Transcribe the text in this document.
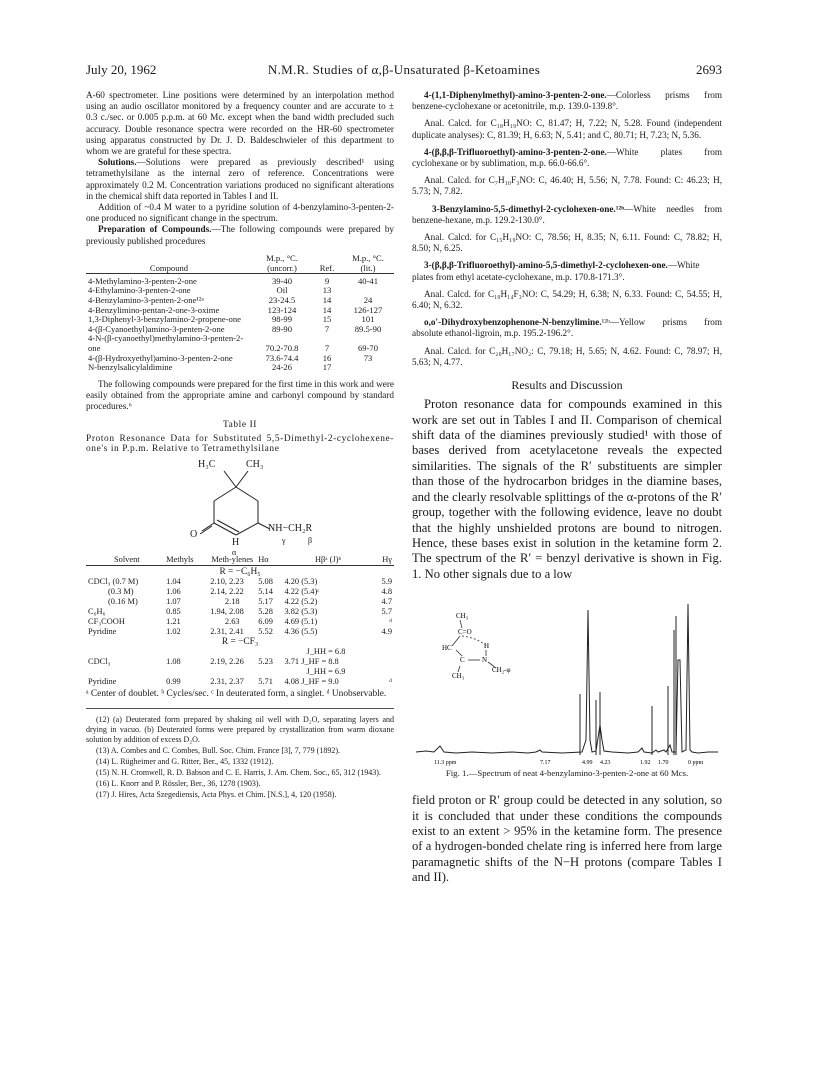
July 20, 1962	N.M.R. Studies of α,β-Unsaturated β-Ketoamines	2693

A-60 spectrometer. Line positions were determined by an interpolation method using an audio oscillator monitored by a frequency counter and are accurate to ± 0.3 c./sec. or 0.005 p.p.m. at 60 Mc. except when the band width precluded such accuracy. Double resonance spectra were recorded on the HR-60 spectrometer using apparatus constructed by Dr. J. D. Baldeschwieler of this department to whom we are grateful for these spectra.

Solutions.—Solutions were prepared as previously described¹ using tetramethylsilane as the internal zero of reference. Concentrations were approximately 0.2 M. Concentration variations produced no significant alterations in the chemical shift data reported in Tables I and II.

Addition of ~0.4 M water to a pyridine solution of 4-benzylamino-3-penten-2-one produced no significant change in the spectrum.

Preparation of Compounds.—The following compounds were prepared by previously published procedures

Compound	M.p., °C. (uncorr.)	Ref.	M.p., °C. (lit.)

4-Methylamino-3-penten-2-one	39-40	9	40-41
4-Ethylamino-3-penten-2-one	Oil	13	
4-Benzylamino-3-penten-2-one¹²ᵃ	23-24.5	14	24
4-Benzylimino-pentan-2-one-3-oxime	123-124	14	126-127
1,3-Diphenyl-3-benzylamino-2-propene-one	98-99	15	101
4-(β-Cyanoethyl)amino-3-penten-2-one	89-90	7	89.5-90
4-N-(β-cyanoethyl)methylamino-3-penten-2-one	70.2-70.8	7	69-70
4-(β-Hydroxyethyl)amino-3-penten-2-one	73.6-74.4	16	73
N-benzylsalicylaldimine	24-26	17	

The following compounds were prepared for the first time in this work and were easily obtained from the appropriate amine and carbonyl compound by standard procedures.⁶

Table II
Proton Resonance Data for Substituted 5,5-Dimethyl-2-cyclohexene-one's in P.p.m. Relative to Tetramethylsilane
H₃C	CH₃
O
H
NH−CH₂R
α
γ	β
Solvent	Methyls	Meth-ylenes	Hα	Hβᵃ (J)ᵇ	Hγ

R = −C₆H₅					
CDCl₃ (0.7 M)	1.04	2.10, 2.23	5.08	4.20 (5.3)	5.9
(0.3 M)	1.06	2.14, 2.22	5.14	4.22 (5.4)ᶜ	4.8
(0.16 M)	1.07	2.18	5.17	4.22 (5.2)	4.7
C₆H₆	0.85	1.94, 2.08	5.28	3.82 (5.3)	5.7
CF₃COOH	1.21	2.63	6.09	4.69 (5.1)	ᵈ
Pyridine	1.02	2.31, 2.41	5.52	4.36 (5.5)	4.9
R = −CF₃					
				J_HH = 6.8	
CDCl₃	1.08	2.19, 2.26	5.23	3.71 J_HF = 8.8	
				J_HH = 6.9	
Pyridine	0.99	2.31, 2.37	5.71	4.08 J_HF = 9.0	ᵈ

ᵃ Center of doublet. ᵇ Cycles/sec. ᶜ In deuterated form, a singlet. ᵈ Unobservable.

(12) (a) Deuterated form prepared by shaking oil well with D₂O, separating layers and drying in vacuo. (b) Deuterated forms were prepared by crystallization from warm dioxane solution by addition of excess D₂O.

(13) A. Combes and C. Combes, Bull. Soc. Chim. France [3], 7, 779 (1892).

(14) L. Rügheimer and G. Ritter, Ber., 45, 1332 (1912).

(15) N. H. Cromwell, R. D. Babson and C. E. Harris, J. Am. Chem. Soc., 65, 312 (1943).

(16) L. Knorr and P. Rössler, Ber., 36, 1278 (1903).

(17) J. Hires, Acta Szegediensis, Acta Phys. et Chim. [N.S.], 4, 120 (1958).

4-(1,1-Diphenylmethyl)-amino-3-penten-2-one.—Colorless prisms from benzene-cyclohexane or acetonitrile, m.p. 139.0-139.8°.

Anal. Calcd. for C₁₈H₁₉NO: C, 81.47; H, 7.22; N, 5.28. Found (independent duplicate analyses): C, 81.39; H, 6.63; N, 5.41; and C, 80.71; H, 7.23; N, 5.36.

4-(β,β,β-Trifluoroethyl)-amino-3-penten-2-one.—White plates from cyclohexane or by sublimation, m.p. 66.0-66.6°.

Anal. Calcd. for C₇H₁₀F₃NO: C, 46.40; H, 5.56; N, 7.78. Found: C: 46.23; H, 5.73; N, 7.82.

3-Benzylamino-5,5-dimethyl-2-cyclohexen-one.¹²ᵇ—White needles from benzene-hexane, m.p. 129.2-130.0°.

Anal. Calcd. for C₁₅H₁₉NO: C, 78.56; H, 8.35; N, 6.11. Found: C, 78.82; H, 8.50; N, 6.25.

3-(β,β,β-Trifluoroethyl)-amino-5,5-dimethyl-2-cyclohexen-one.—White plates from ethyl acetate-cyclohexane, m.p. 170.8-171.3°.

Anal. Calcd. for C₁₀H₁₄F₃NO: C, 54.29; H, 6.38; N, 6.33. Found: C, 54.55; H, 6.40; N, 6.32.

o,o′-Dihydroxybenzophenone-N-benzylimine.¹²ᵇ—Yellow prisms from absolute ethanol-ligroin, m.p. 195.2-196.2°.

Anal. Calcd. for C₂₀H₁₇NO₂: C, 79.18; H, 5.65; N, 4.62. Found: C, 78.97; H, 5.63; N, 4.77.

Results and Discussion

Proton resonance data for compounds examined in this work are set out in Tables I and II. Comparison of chemical shift data of the diamines previously studied¹ with those of bases derived from acetylacetone reveals the expected similarities. The signals of the R′ substituents are simpler than those of the hydrocarbon bridges in the diamine bases, and the clearly resolvable splittings of the α-protons of the R′ group, together with the following evidence, leave no doubt that the highly unshielded protons are bound to nitrogen. Hence, these bases exist in solution in the ketamine form 2. The spectrum of the R′ = benzyl derivative is shown in Fig. 1. No other signals due to a low

CH₃
C=O
HC
C N
H
CH₃
CH₂-φ
11.3 ppm	7.17	4.99 4.23	1.92 1.70	0 ppm
Fig. 1.—Spectrum of neat 4-benzylamino-3-penten-2-one at 60 Mcs.

field proton or R′ group could be detected in any solution, so it is concluded that under these conditions the compounds exist to an extent > 95% in the ketamine form. The presence of a hydrogen-bonded chelate ring is inferred here from large paramagnetic shifts of the N−H protons (compare Tables I and II).
